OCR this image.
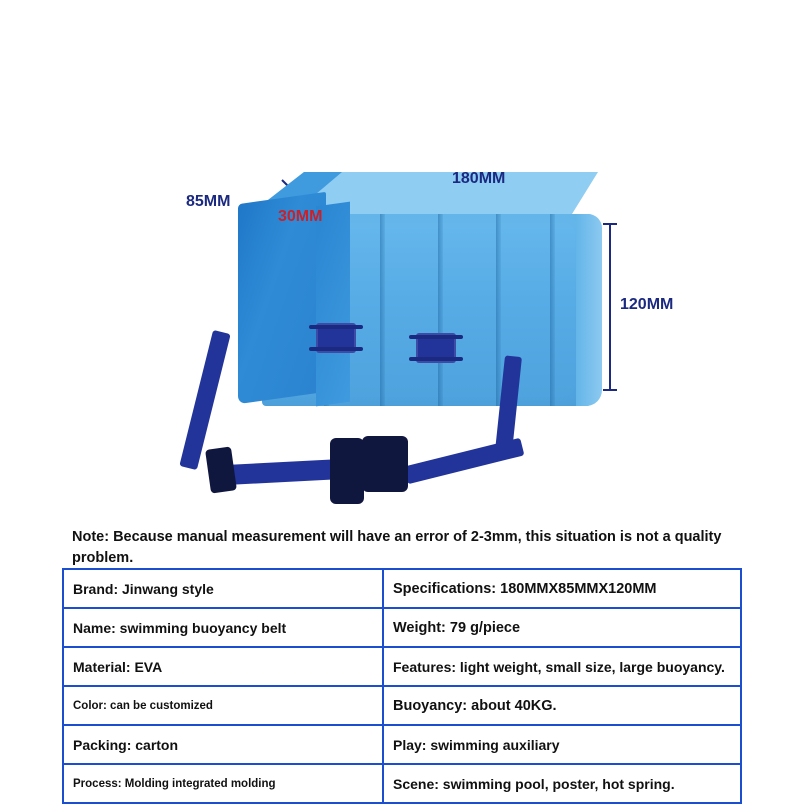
180MM
85MM
30MM
120MM
Note: Because manual measurement will have an error of 2-3mm, this situation is not a quality problem.
Brand: Jinwang style	Specifications: 180MMX85MMX120MM
Name: swimming buoyancy belt	Weight: 79 g/piece
Material: EVA	Features: light weight, small size, large buoyancy.
Color: can be customized	Buoyancy: about 40KG.
Packing: carton	Play: swimming auxiliary
Process: Molding integrated molding	Scene: swimming pool, poster, hot spring.
